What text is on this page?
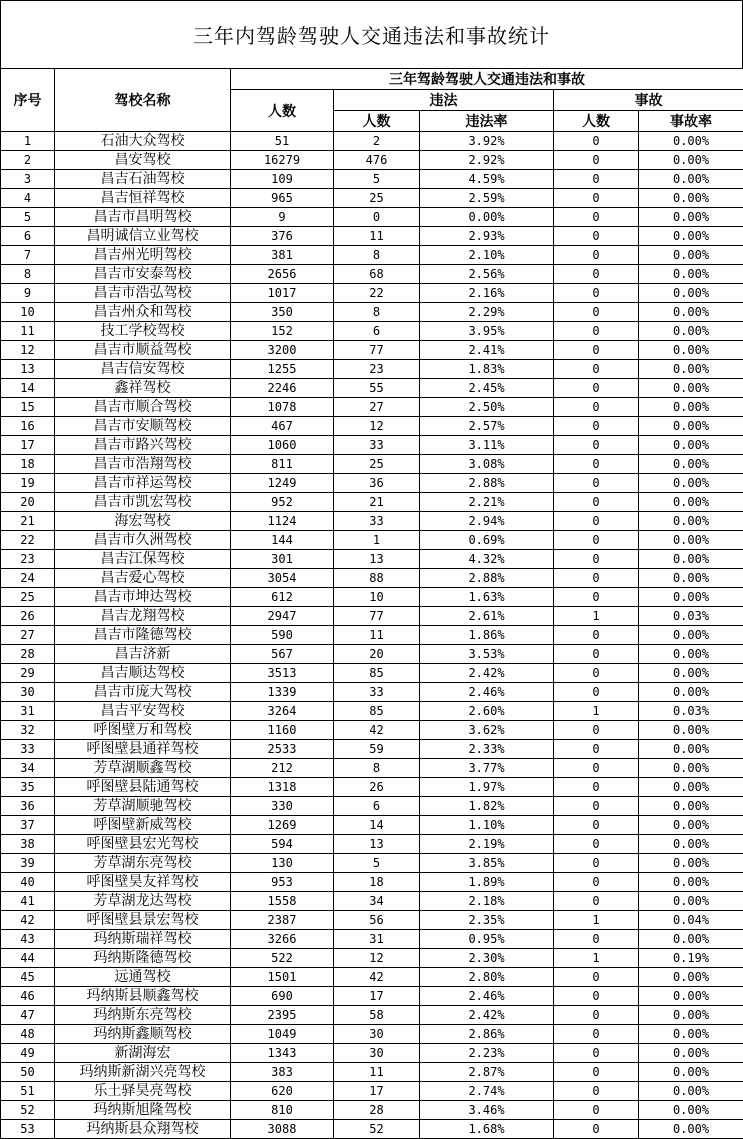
三年内驾龄驾驶人交通违法和事故统计
序号	驾校名称	三年驾龄驾驶人交通违法和事故				
		人数	违法		事故	
			人数	违法率	人数	事故率
1	石油大众驾校	51	2	3.92%	0	0.00%
2	昌安驾校	16279	476	2.92%	0	0.00%
3	昌吉石油驾校	109	5	4.59%	0	0.00%
4	昌吉恒祥驾校	965	25	2.59%	0	0.00%
5	昌吉市昌明驾校	9	0	0.00%	0	0.00%
6	昌明诚信立业驾校	376	11	2.93%	0	0.00%
7	昌吉州光明驾校	381	8	2.10%	0	0.00%
8	昌吉市安泰驾校	2656	68	2.56%	0	0.00%
9	昌吉市浩弘驾校	1017	22	2.16%	0	0.00%
10	昌吉州众和驾校	350	8	2.29%	0	0.00%
11	技工学校驾校	152	6	3.95%	0	0.00%
12	昌吉市顺益驾校	3200	77	2.41%	0	0.00%
13	昌吉信安驾校	1255	23	1.83%	0	0.00%
14	鑫祥驾校	2246	55	2.45%	0	0.00%
15	昌吉市顺合驾校	1078	27	2.50%	0	0.00%
16	昌吉市安顺驾校	467	12	2.57%	0	0.00%
17	昌吉市路兴驾校	1060	33	3.11%	0	0.00%
18	昌吉市浩翔驾校	811	25	3.08%	0	0.00%
19	昌吉市祥运驾校	1249	36	2.88%	0	0.00%
20	昌吉市凯宏驾校	952	21	2.21%	0	0.00%
21	海宏驾校	1124	33	2.94%	0	0.00%
22	昌吉市久洲驾校	144	1	0.69%	0	0.00%
23	昌吉江保驾校	301	13	4.32%	0	0.00%
24	昌吉爱心驾校	3054	88	2.88%	0	0.00%
25	昌吉市坤达驾校	612	10	1.63%	0	0.00%
26	昌吉龙翔驾校	2947	77	2.61%	1	0.03%
27	昌吉市隆德驾校	590	11	1.86%	0	0.00%
28	昌吉济新	567	20	3.53%	0	0.00%
29	昌吉顺达驾校	3513	85	2.42%	0	0.00%
30	昌吉市庞大驾校	1339	33	2.46%	0	0.00%
31	昌吉平安驾校	3264	85	2.60%	1	0.03%
32	呼图壁万和驾校	1160	42	3.62%	0	0.00%
33	呼图壁县通祥驾校	2533	59	2.33%	0	0.00%
34	芳草湖顺鑫驾校	212	8	3.77%	0	0.00%
35	呼图壁县陆通驾校	1318	26	1.97%	0	0.00%
36	芳草湖顺驰驾校	330	6	1.82%	0	0.00%
37	呼图壁新威驾校	1269	14	1.10%	0	0.00%
38	呼图壁县宏光驾校	594	13	2.19%	0	0.00%
39	芳草湖东亮驾校	130	5	3.85%	0	0.00%
40	呼图壁昊友祥驾校	953	18	1.89%	0	0.00%
41	芳草湖龙达驾校	1558	34	2.18%	0	0.00%
42	呼图壁县景宏驾校	2387	56	2.35%	1	0.04%
43	玛纳斯瑞祥驾校	3266	31	0.95%	0	0.00%
44	玛纳斯隆德驾校	522	12	2.30%	1	0.19%
45	远通驾校	1501	42	2.80%	0	0.00%
46	玛纳斯县顺鑫驾校	690	17	2.46%	0	0.00%
47	玛纳斯东亮驾校	2395	58	2.42%	0	0.00%
48	玛纳斯鑫顺驾校	1049	30	2.86%	0	0.00%
49	新湖海宏	1343	30	2.23%	0	0.00%
50	玛纳斯新湖兴亮驾校	383	11	2.87%	0	0.00%
51	乐土驿昊亮驾校	620	17	2.74%	0	0.00%
52	玛纳斯旭隆驾校	810	28	3.46%	0	0.00%
53	玛纳斯县众翔驾校	3088	52	1.68%	0	0.00%
